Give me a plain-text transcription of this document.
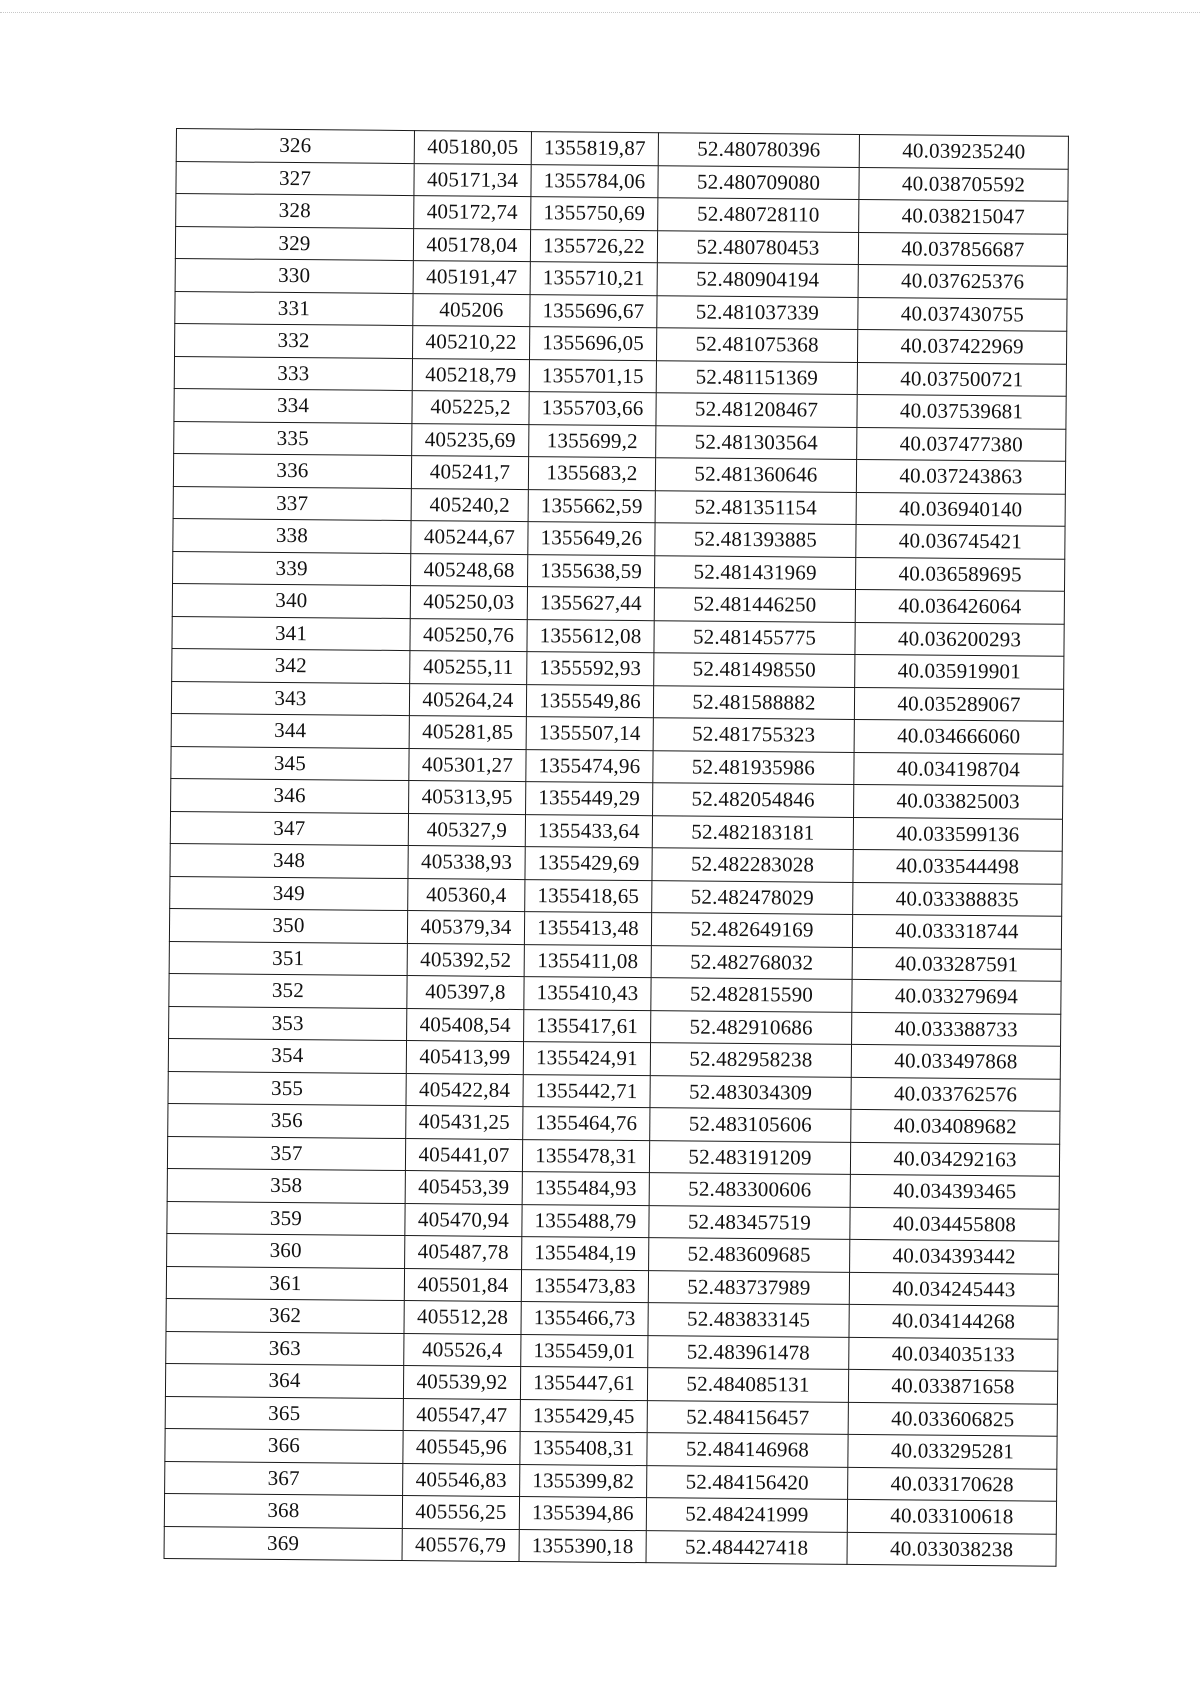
326	405180,05	1355819,87	52.480780396	40.039235240
327	405171,34	1355784,06	52.480709080	40.038705592
328	405172,74	1355750,69	52.480728110	40.038215047
329	405178,04	1355726,22	52.480780453	40.037856687
330	405191,47	1355710,21	52.480904194	40.037625376
331	405206	1355696,67	52.481037339	40.037430755
332	405210,22	1355696,05	52.481075368	40.037422969
333	405218,79	1355701,15	52.481151369	40.037500721
334	405225,2	1355703,66	52.481208467	40.037539681
335	405235,69	1355699,2	52.481303564	40.037477380
336	405241,7	1355683,2	52.481360646	40.037243863
337	405240,2	1355662,59	52.481351154	40.036940140
338	405244,67	1355649,26	52.481393885	40.036745421
339	405248,68	1355638,59	52.481431969	40.036589695
340	405250,03	1355627,44	52.481446250	40.036426064
341	405250,76	1355612,08	52.481455775	40.036200293
342	405255,11	1355592,93	52.481498550	40.035919901
343	405264,24	1355549,86	52.481588882	40.035289067
344	405281,85	1355507,14	52.481755323	40.034666060
345	405301,27	1355474,96	52.481935986	40.034198704
346	405313,95	1355449,29	52.482054846	40.033825003
347	405327,9	1355433,64	52.482183181	40.033599136
348	405338,93	1355429,69	52.482283028	40.033544498
349	405360,4	1355418,65	52.482478029	40.033388835
350	405379,34	1355413,48	52.482649169	40.033318744
351	405392,52	1355411,08	52.482768032	40.033287591
352	405397,8	1355410,43	52.482815590	40.033279694
353	405408,54	1355417,61	52.482910686	40.033388733
354	405413,99	1355424,91	52.482958238	40.033497868
355	405422,84	1355442,71	52.483034309	40.033762576
356	405431,25	1355464,76	52.483105606	40.034089682
357	405441,07	1355478,31	52.483191209	40.034292163
358	405453,39	1355484,93	52.483300606	40.034393465
359	405470,94	1355488,79	52.483457519	40.034455808
360	405487,78	1355484,19	52.483609685	40.034393442
361	405501,84	1355473,83	52.483737989	40.034245443
362	405512,28	1355466,73	52.483833145	40.034144268
363	405526,4	1355459,01	52.483961478	40.034035133
364	405539,92	1355447,61	52.484085131	40.033871658
365	405547,47	1355429,45	52.484156457	40.033606825
366	405545,96	1355408,31	52.484146968	40.033295281
367	405546,83	1355399,82	52.484156420	40.033170628
368	405556,25	1355394,86	52.484241999	40.033100618
369	405576,79	1355390,18	52.484427418	40.033038238
